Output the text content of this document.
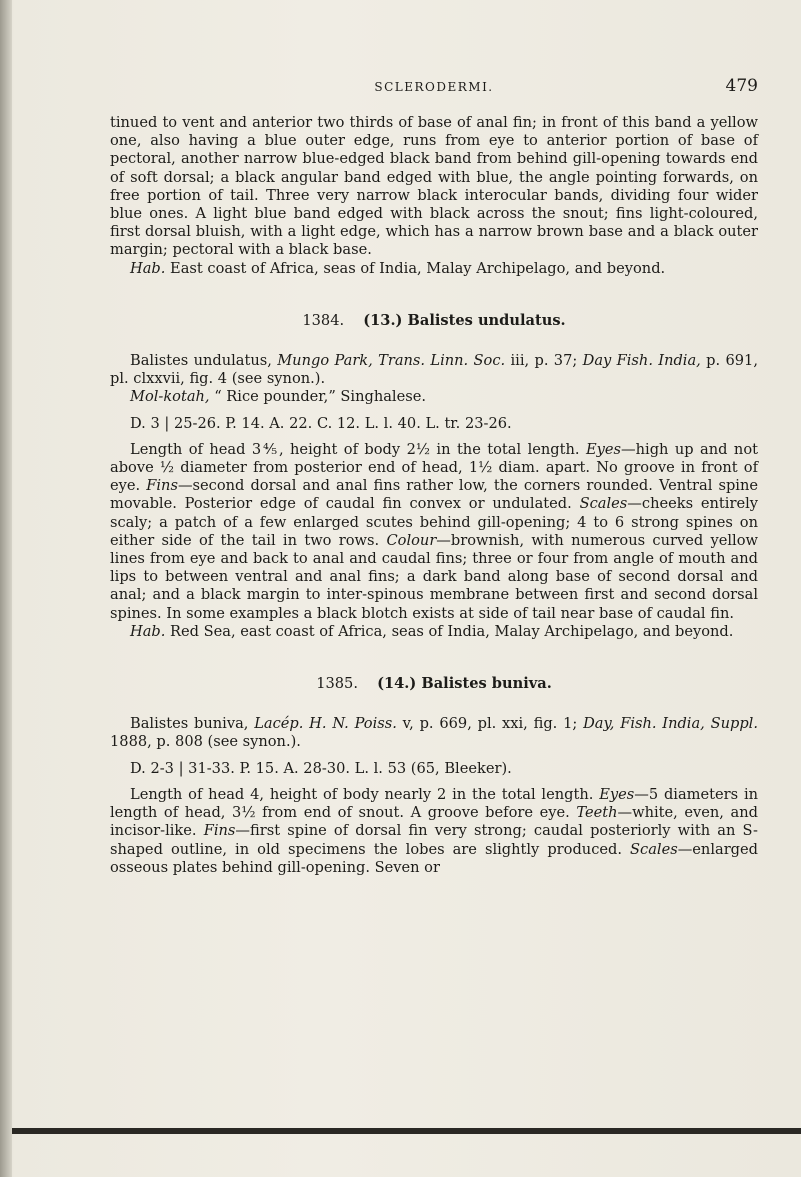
SCLERODERMI.	479

tinued to vent and anterior two thirds of base of anal fin; in front of this band a yellow one, also having a blue outer edge, runs from eye to anterior portion of base of pectoral, another narrow blue-edged black band from behind gill-opening towards end of soft dorsal; a black angular band edged with blue, the angle pointing forwards, on free portion of tail. Three very narrow black interocular bands, dividing four wider blue ones. A light blue band edged with black across the snout; fins light-coloured, first dorsal bluish, with a light edge, which has a narrow brown base and a black outer margin; pectoral with a black base.

Hab. East coast of Africa, seas of India, Malay Archipelago, and beyond.

1384. (13.) Balistes undulatus.

Balistes undulatus, Mungo Park, Trans. Linn. Soc. iii, p. 37; Day Fish. India, p. 691, pl. clxxvii, fig. 4 (see synon.).

Mol-kotah, “ Rice pounder,” Singhalese.

D. 3 | 25-26. P. 14. A. 22. C. 12. L. l. 40. L. tr. 23-26.

Length of head 3⅘, height of body 2½ in the total length. Eyes—high up and not above ½ diameter from posterior end of head, 1½ diam. apart. No groove in front of eye. Fins—second dorsal and anal fins rather low, the corners rounded. Ventral spine movable. Posterior edge of caudal fin convex or undulated. Scales—cheeks entirely scaly; a patch of a few enlarged scutes behind gill-opening; 4 to 6 strong spines on either side of the tail in two rows. Colour—brownish, with numerous curved yellow lines from eye and back to anal and caudal fins; three or four from angle of mouth and lips to between ventral and anal fins; a dark band along base of second dorsal and anal; and a black margin to inter-spinous membrane between first and second dorsal spines. In some examples a black blotch exists at side of tail near base of caudal fin.

Hab. Red Sea, east coast of Africa, seas of India, Malay Archipelago, and beyond.

1385. (14.) Balistes buniva.

Balistes buniva, Lacép. H. N. Poiss. v, p. 669, pl. xxi, fig. 1; Day, Fish. India, Suppl. 1888, p. 808 (see synon.).

D. 2-3 | 31-33. P. 15. A. 28-30. L. l. 53 (65, Bleeker).

Length of head 4, height of body nearly 2 in the total length. Eyes—5 diameters in length of head, 3½ from end of snout. A groove before eye. Teeth—white, even, and incisor-like. Fins—first spine of dorsal fin very strong; caudal posteriorly with an S-shaped outline, in old specimens the lobes are slightly produced. Scales—enlarged osseous plates behind gill-opening. Seven or
